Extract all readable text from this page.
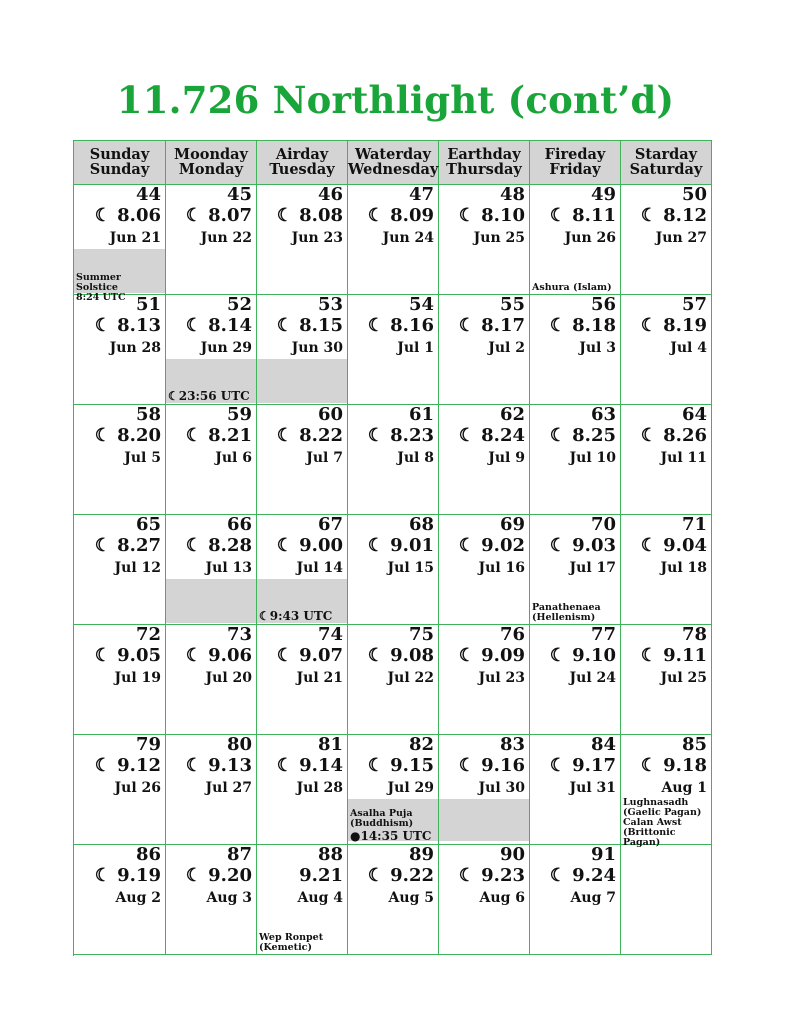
11.726 Northlight (cont’d)
Sunday
Sunday
Moonday
Monday
Airday
Tuesday
Waterday
Wednesday
Earthday
Thursday
Fireday
Friday
Starday
Saturday
44
☾ 8.06
Jun 21
Summer Solstice
8:24 UTC
45
☾ 8.07
Jun 22
46
☾ 8.08
Jun 23
47
☾ 8.09
Jun 24
48
☾ 8.10
Jun 25
49
☾ 8.11
Jun 26
Ashura (Islam)
50
☾ 8.12
Jun 27
51
☾ 8.13
Jun 28
52
☾ 8.14
Jun 29
☾23:56 UTC
53
☾ 8.15
Jun 30
54
☾ 8.16
Jul 1
55
☾ 8.17
Jul 2
56
☾ 8.18
Jul 3
57
☾ 8.19
Jul 4
58
☾ 8.20
Jul 5
59
☾ 8.21
Jul 6
60
☾ 8.22
Jul 7
61
☾ 8.23
Jul 8
62
☾ 8.24
Jul 9
63
☾ 8.25
Jul 10
64
☾ 8.26
Jul 11
65
☾ 8.27
Jul 12
66
☾ 8.28
Jul 13
67
☾ 9.00
Jul 14
☾9:43 UTC
68
☾ 9.01
Jul 15
69
☾ 9.02
Jul 16
70
☾ 9.03
Jul 17
Panathenaea
(Hellenism)
71
☾ 9.04
Jul 18
72
☾ 9.05
Jul 19
73
☾ 9.06
Jul 20
74
☾ 9.07
Jul 21
75
☾ 9.08
Jul 22
76
☾ 9.09
Jul 23
77
☾ 9.10
Jul 24
78
☾ 9.11
Jul 25
79
☾ 9.12
Jul 26
80
☾ 9.13
Jul 27
81
☾ 9.14
Jul 28
82
☾ 9.15
Jul 29
Asalha Puja
(Buddhism)
●14:35 UTC
83
☾ 9.16
Jul 30
84
☾ 9.17
Jul 31
85
☾ 9.18
Aug 1
Lughnasadh
(Gaelic Pagan)
Calan Awst
(Brittonic Pagan)
86
☾ 9.19
Aug 2
87
☾ 9.20
Aug 3
88
9.21
Aug 4
Wep Ronpet
(Kemetic)
89
☾ 9.22
Aug 5
90
☾ 9.23
Aug 6
91
☾ 9.24
Aug 7
